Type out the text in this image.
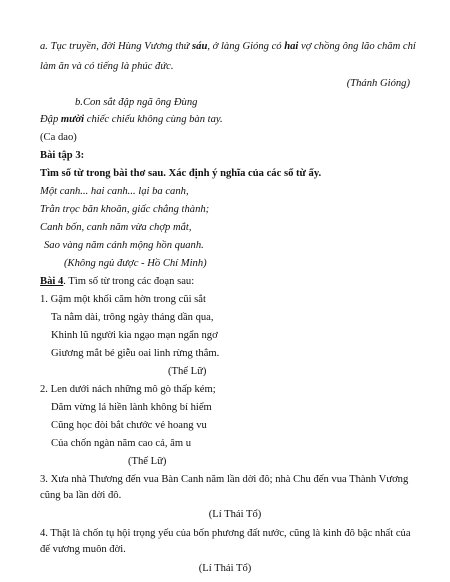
a. Tục truyền, đời Hùng Vương thứ sáu, ở làng Gióng có hai vợ chồng ông lão chăm chỉ
làm ăn và có tiếng là phúc đức.
(Thánh Gióng)
b.Con sắt đập ngã ông Đùng
Đập mười chiếc chiếu không cùng bàn tay.
(Ca dao)
Bài tập 3:
Tìm số từ trong bài thơ sau. Xác định ý nghĩa của các số từ ấy.
Một canh... hai canh... lại ba canh,
Trằn trọc băn khoăn, giấc chẳng thành;
Canh bốn, canh năm vừa chợp mắt,
Sao vàng năm cánh mộng hồn quanh.
(Không ngủ được - Hồ Chí Minh)
Bài 4. Tìm số từ trong các đoạn sau:
1. Gậm một khối căm hờn trong cũi sắt
Ta nằm dài, trông ngày tháng dần qua,
Khinh lũ người kia ngạo mạn ngẩn ngơ
Giương mắt bé giễu oai linh rừng thẳm.
(Thế Lữ)
2. Len dưới nách những mô gò thấp kém;
Dăm vừng lá hiền lành không bí hiểm
Cũng học đòi bắt chước vẻ hoang vu
Của chốn ngàn năm cao cả, âm u
(Thế Lữ)
3. Xưa nhà Thương đến vua Bàn Canh năm lần dời đô; nhà Chu đến vua Thành Vương
cũng ba lần dời đô.
(Lí Thái Tổ)
4. Thật là chốn tụ hội trọng yếu của bốn phương đất nước, cũng là kinh đô bậc nhất của
đế vương muôn đời.
(Lí Thái Tổ)
